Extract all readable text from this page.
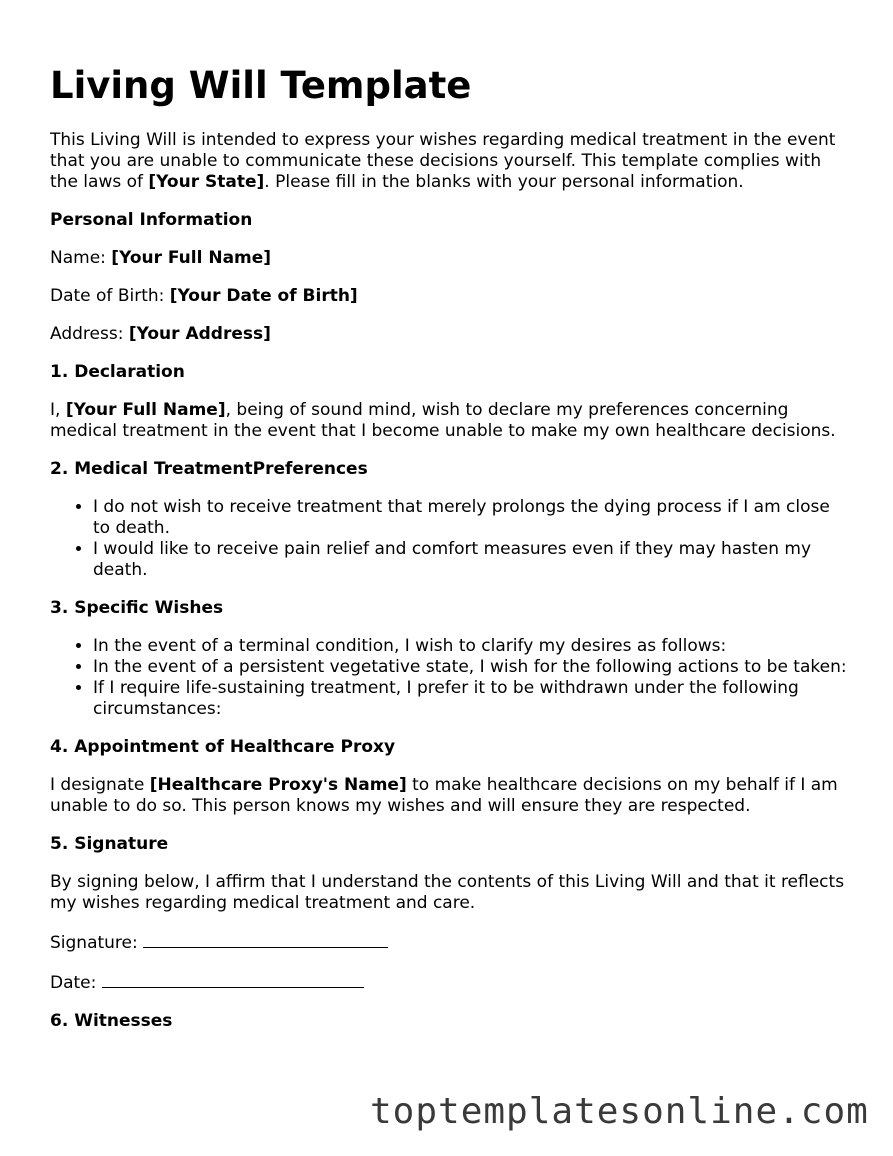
Living Will Template

This Living Will is intended to express your wishes regarding medical treatment in the event that you are unable to communicate these decisions yourself. This template complies with the laws of [Your State]. Please fill in the blanks with your personal information.

Personal Information

Name: [Your Full Name]

Date of Birth: [Your Date of Birth]

Address: [Your Address]

1. Declaration

I, [Your Full Name], being of sound mind, wish to declare my preferences concerning medical treatment in the event that I become unable to make my own healthcare decisions.

2. Medical TreatmentPreferences
• I do not wish to receive treatment that merely prolongs the dying process if I am close to death.
• I would like to receive pain relief and comfort measures even if they may hasten my death.
3. Specific Wishes
• In the event of a terminal condition, I wish to clarify my desires as follows:
• In the event of a persistent vegetative state, I wish for the following actions to be taken:
• If I require life-sustaining treatment, I prefer it to be withdrawn under the following circumstances:
4. Appointment of Healthcare Proxy

I designate [Healthcare Proxy's Name] to make healthcare decisions on my behalf if I am unable to do so. This person knows my wishes and will ensure they are respected.

5. Signature

By signing below, I affirm that I understand the contents of this Living Will and that it reflects my wishes regarding medical treatment and care.

Signature:

Date:

6. Witnesses
toptemplatesonline.com
